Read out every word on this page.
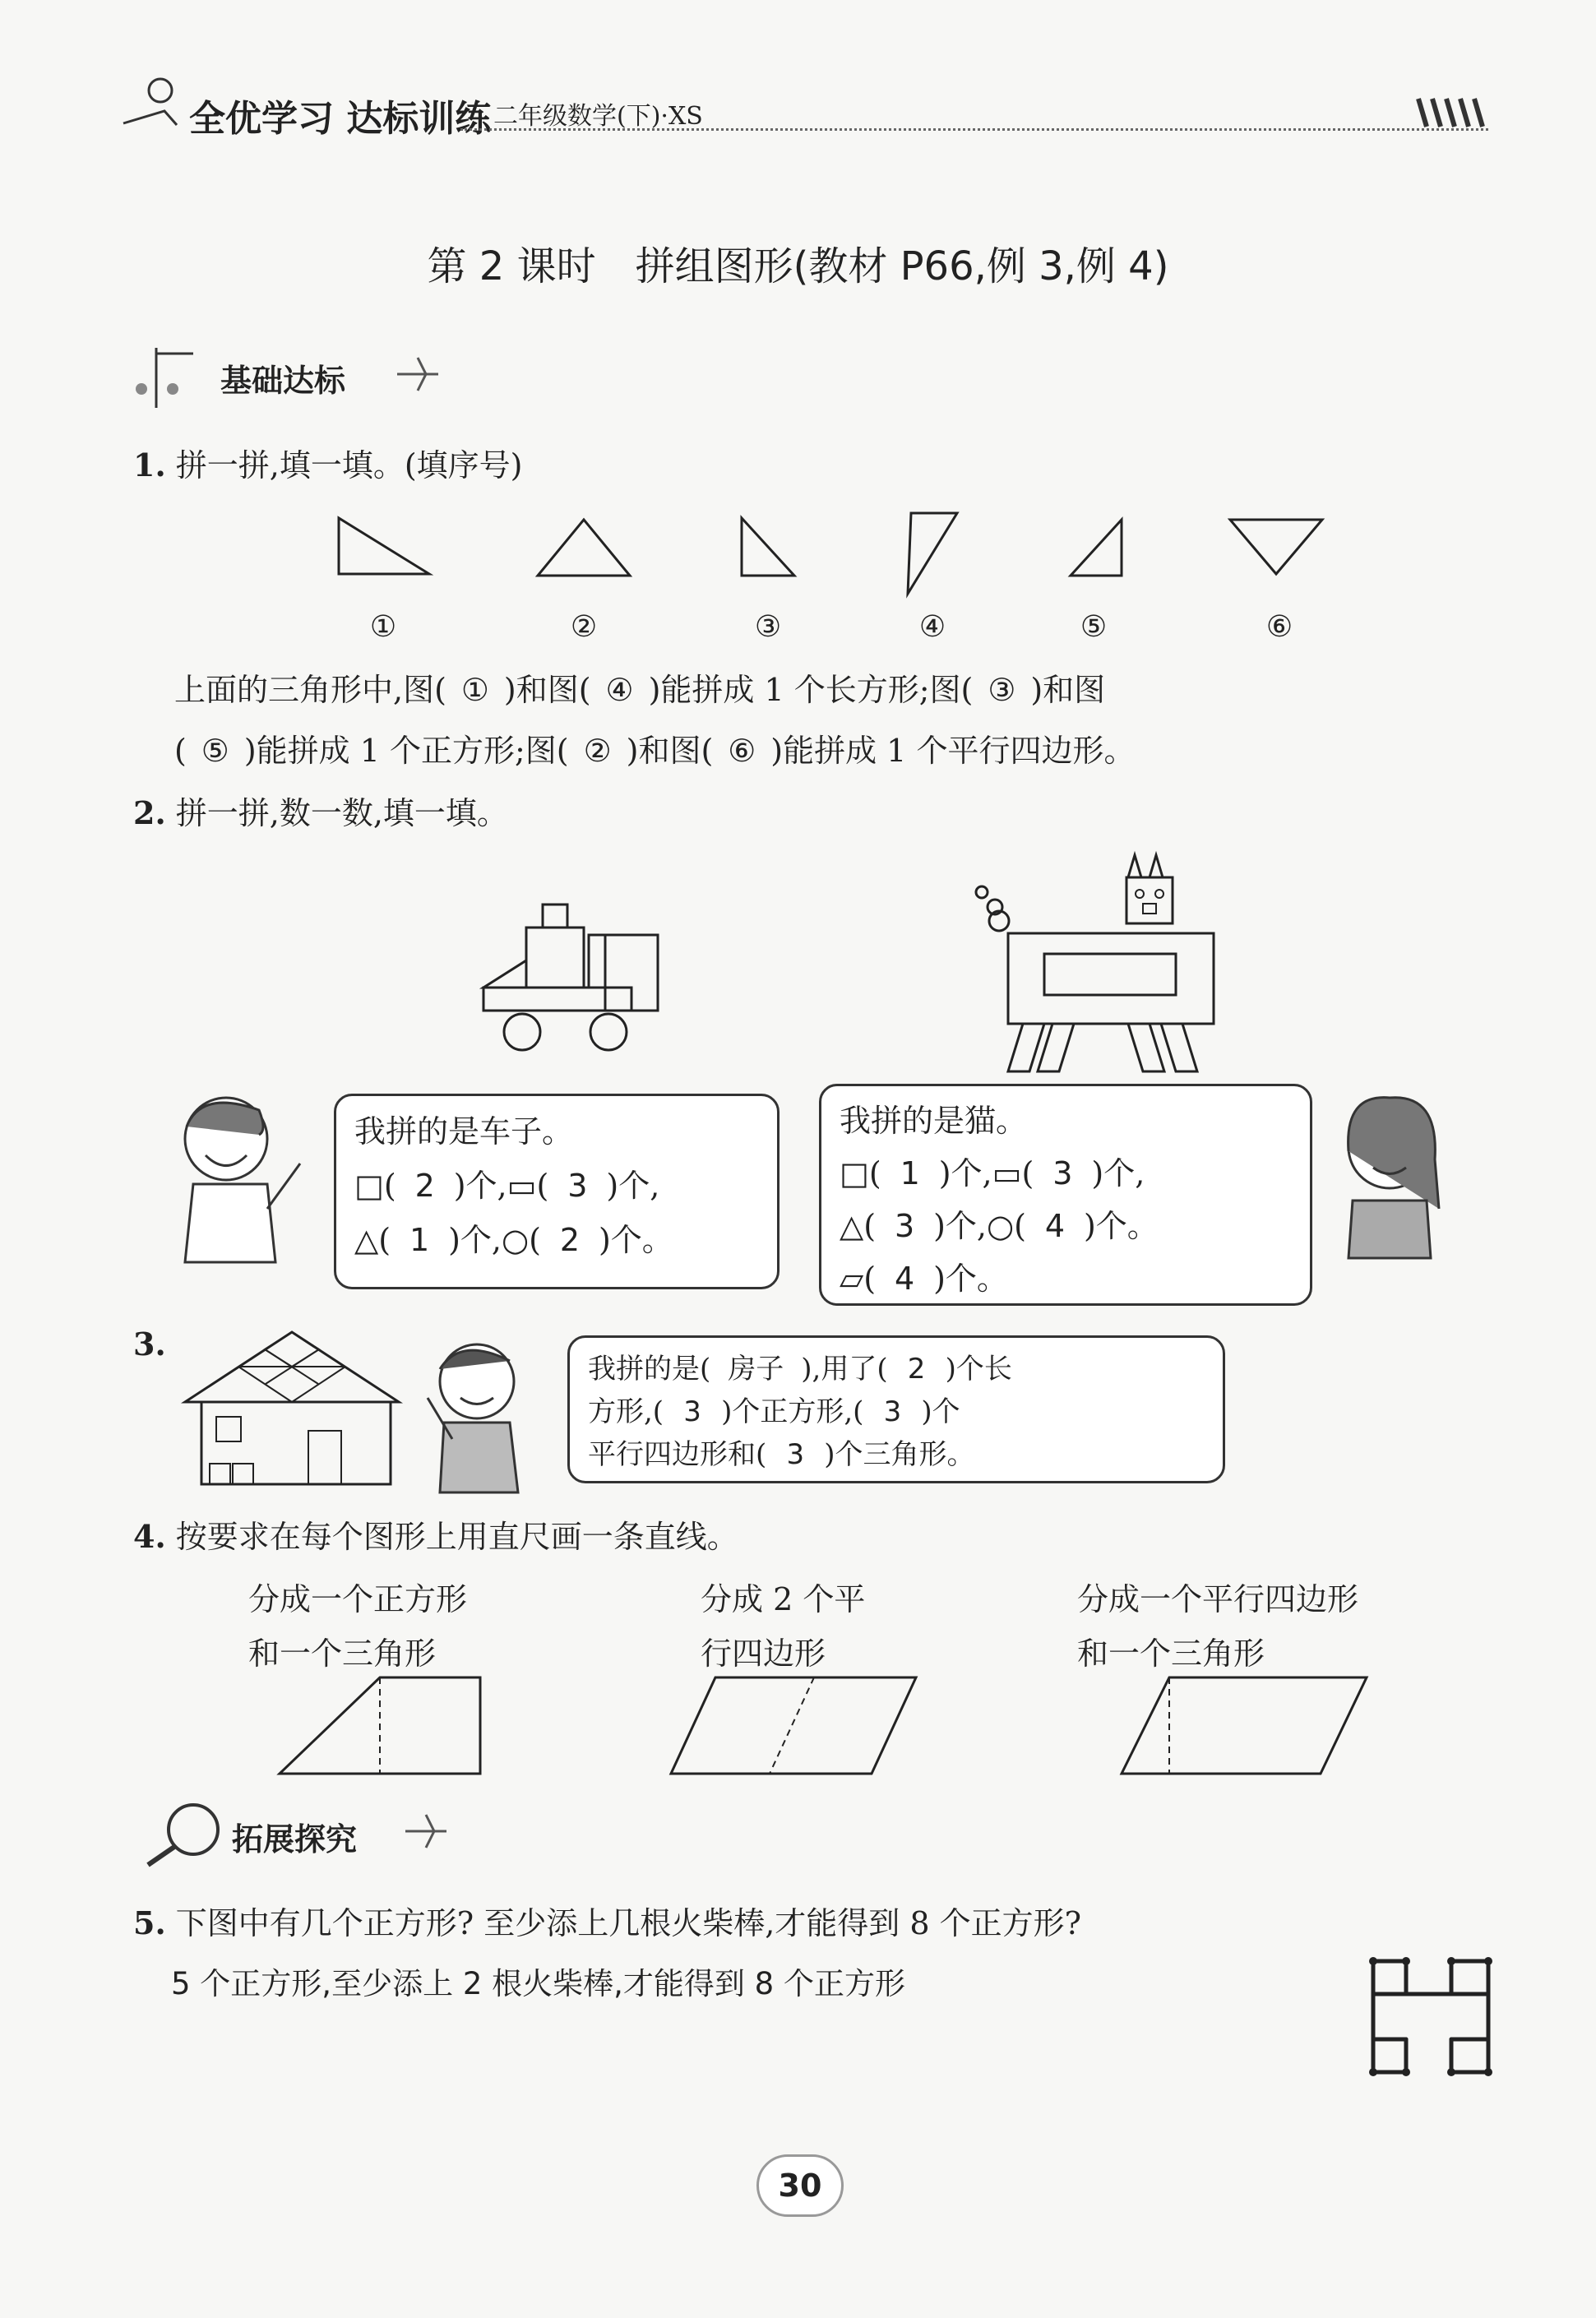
全优学习 达标训练 二年级数学(下)·XS
第 2 课时　拼组图形(教材 P66,例 3,例 4)
基础达标
1. 拼一拼,填一填。(填序号)
①	②	③	④	⑤	⑥
上面的三角形中,图( ① )和图( ④ )能拼成 1 个长方形;图( ③ )和图
( ⑤ )能拼成 1 个正方形;图( ② )和图( ⑥ )能拼成 1 个平行四边形。
2. 拼一拼,数一数,填一填。
我拼的是车子。
□( 2 )个,▭( 3 )个,
△( 1 )个,○( 2 )个。
我拼的是猫。
□( 1 )个,▭( 3 )个,
△( 3 )个,○( 4 )个。
▱( 4 )个。
3.
我拼的是( 房子 ),用了( 2 )个长
方形,( 3 )个正方形,( 3 )个
平行四边形和( 3 )个三角形。
4. 按要求在每个图形上用直尺画一条直线。
分成一个正方形
和一个三角形
分成 2 个平
行四边形
分成一个平行四边形
和一个三角形
拓展探究
5. 下图中有几个正方形? 至少添上几根火柴棒,才能得到 8 个正方形?
5 个正方形,至少添上 2 根火柴棒,才能得到 8 个正方形
30
